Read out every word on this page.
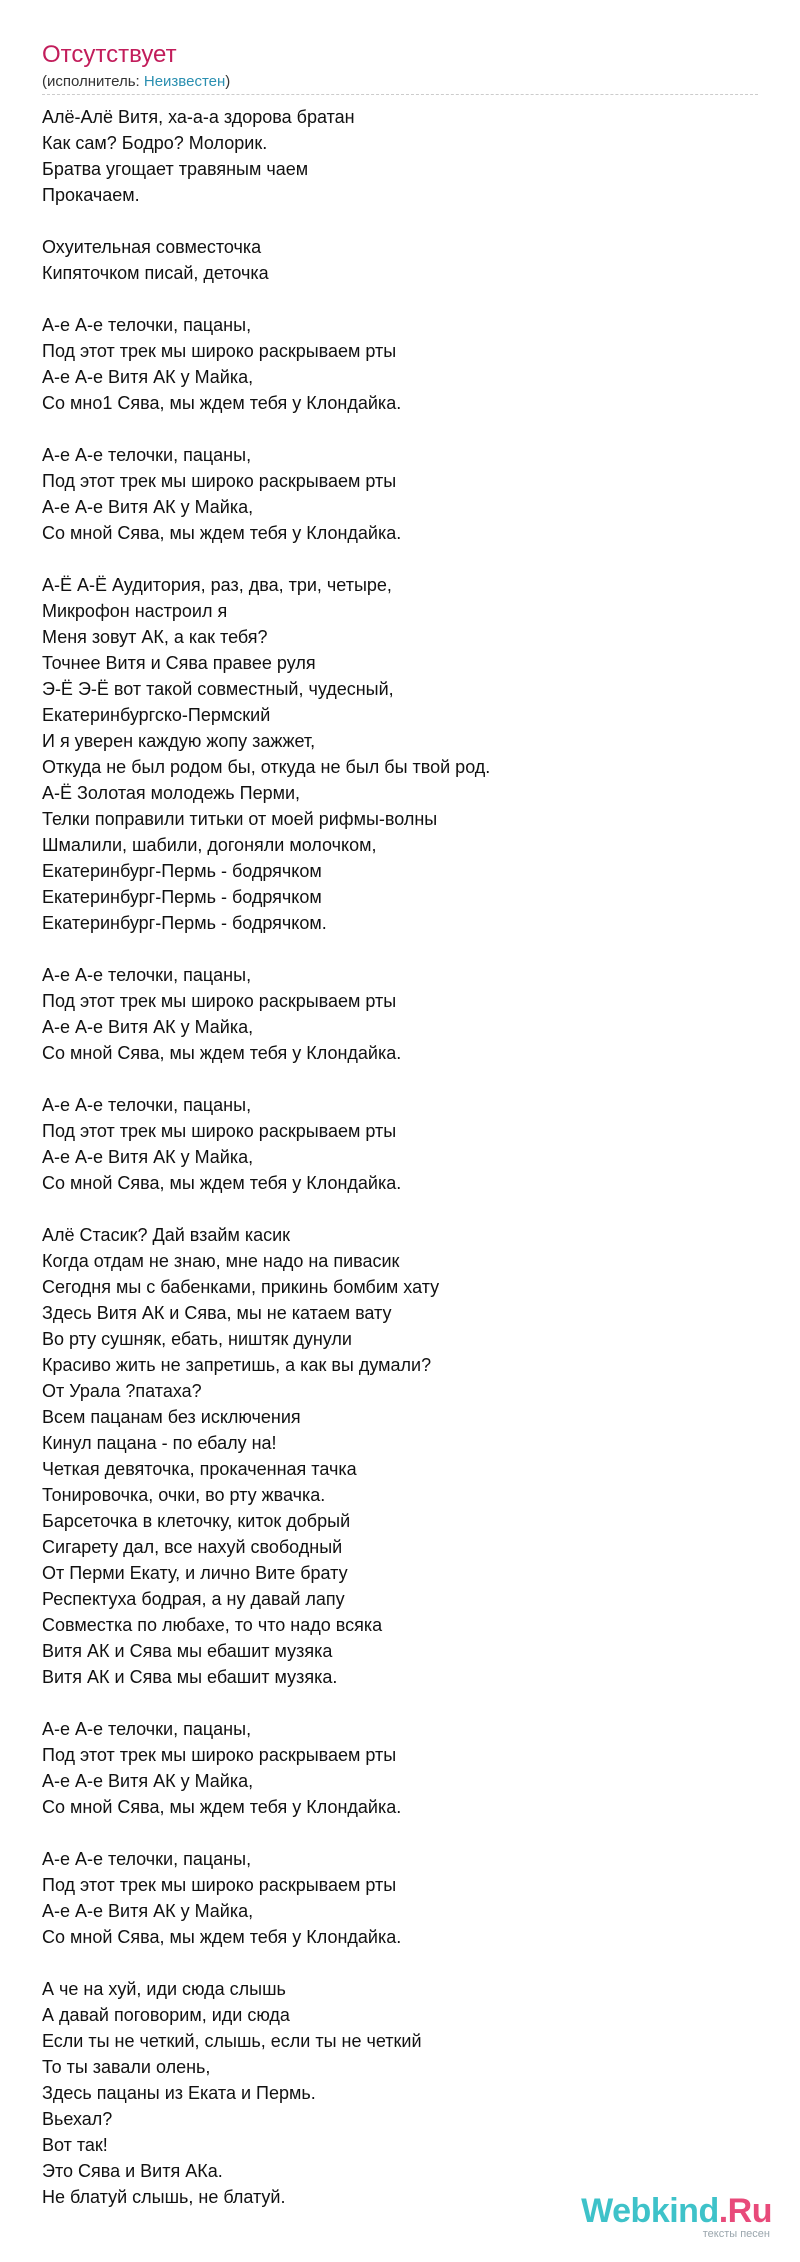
Отсутствует
(исполнитель: Неизвестен)
Алё-Алё Витя, ха-а-а здорова братан
Как сам? Бодро? Молорик.
Братва угощает травяным чаем
Прокачаем.
Охуительная совместочка
Кипяточком писай, деточка
А-е А-е телочки, пацаны,
Под этот трек мы широко раскрываем рты
А-е А-е Витя АК у Майка,
Со мно1 Сява, мы ждем тебя у Клондайка.
А-е А-е телочки, пацаны,
Под этот трек мы широко раскрываем рты
А-е А-е Витя АК у Майка,
Со мной Сява, мы ждем тебя у Клондайка.
А-Ё А-Ё Аудитория, раз, два, три, четыре,
Микрофон настроил я
Меня зовут АК, а как тебя?
Точнее Витя и Сява правее руля
Э-Ё Э-Ё вот такой совместный, чудесный,
Екатеринбургско-Пермский
И я уверен каждую жопу зажжет,
Откуда не был родом бы, откуда не был бы твой род.
А-Ё Золотая молодежь Перми,
Телки поправили титьки от моей рифмы-волны
Шмалили, шабили, догоняли молочком,
Екатеринбург-Пермь - бодрячком
Екатеринбург-Пермь - бодрячком
Екатеринбург-Пермь - бодрячком.
А-е А-е телочки, пацаны,
Под этот трек мы широко раскрываем рты
А-е А-е Витя АК у Майка,
Со мной Сява, мы ждем тебя у Клондайка.
А-е А-е телочки, пацаны,
Под этот трек мы широко раскрываем рты
А-е А-е Витя АК у Майка,
Со мной Сява, мы ждем тебя у Клондайка.
Алё Стасик? Дай взайм касик
Когда отдам не знаю, мне надо на пивасик
Сегодня мы с бабенками, прикинь бомбим хату
Здесь Витя АК и Сява, мы не катаем вату
Во рту сушняк, ебать, ништяк дунули
Красиво жить не запретишь, а как вы думали?
От Урала ?патаха?
Всем пацанам без исключения
Кинул пацана - по ебалу на!
Четкая девяточка, прокаченная тачка
Тонировочка, очки, во рту жвачка.
Барсеточка в клеточку, киток добрый
Сигарету дал, все нахуй свободный
От Перми Екату, и лично Вите брату
Респектуха бодрая, а ну давай лапу
Совместка по любахе, то что надо всяка
Витя АК и Сява мы ебашит музяка
Витя АК и Сява мы ебашит музяка.
А-е А-е телочки, пацаны,
Под этот трек мы широко раскрываем рты
А-е А-е Витя АК у Майка,
Со мной Сява, мы ждем тебя у Клондайка.
А-е А-е телочки, пацаны,
Под этот трек мы широко раскрываем рты
А-е А-е Витя АК у Майка,
Со мной Сява, мы ждем тебя у Клондайка.
А че на хуй, иди сюда слышь
А давай поговорим, иди сюда
Если ты не четкий, слышь, если ты не четкий
То ты завали олень,
Здесь пацаны из Еката и Пермь.
Вьехал?
Вот так!
Это Сява и Витя АКа.
Не блатуй слышь, не блатуй.	Webkind.Ru
тексты песен
